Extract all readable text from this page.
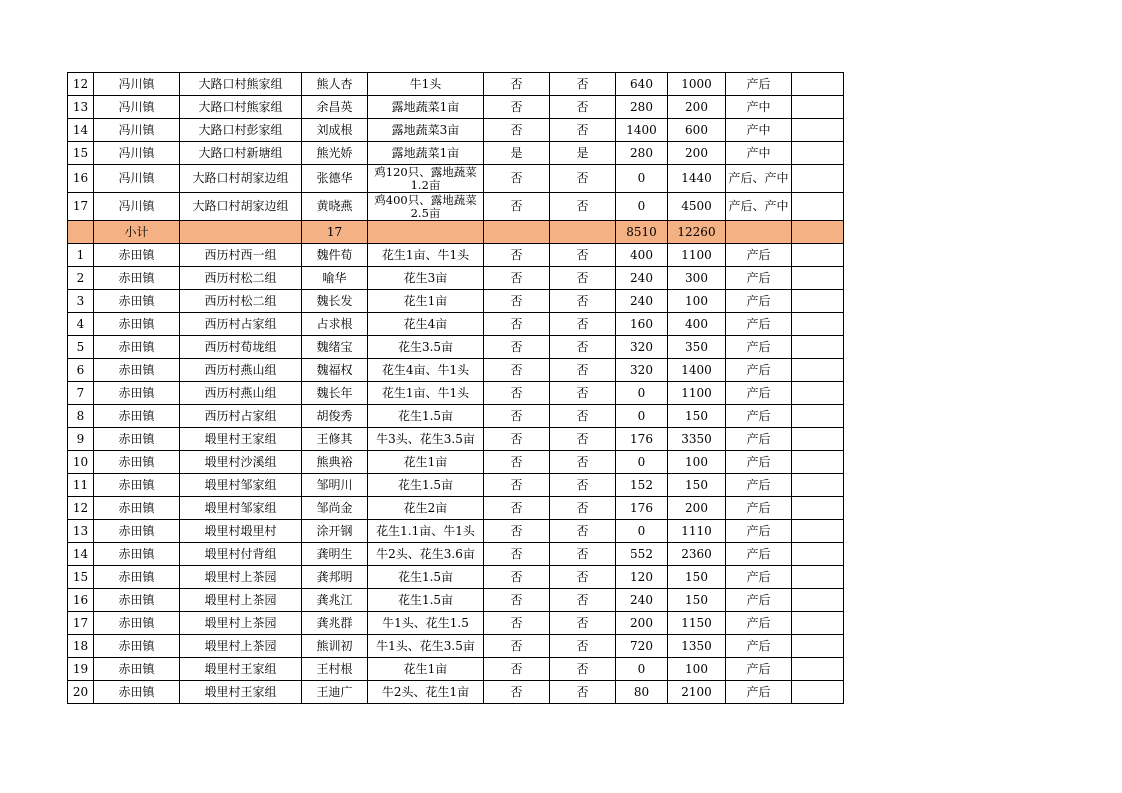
12	冯川镇	大路口村熊家组	熊人杏	牛1头	否	否	640	1000	产后	
13	冯川镇	大路口村熊家组	余昌英	露地蔬菜1亩	否	否	280	200	产中	
14	冯川镇	大路口村彭家组	刘成根	露地蔬菜3亩	否	否	1400	600	产中	
15	冯川镇	大路口村新塘组	熊光娇	露地蔬菜1亩	是	是	280	200	产中	
16	冯川镇	大路口村胡家边组	张德华	鸡120只、露地蔬菜1.2亩	否	否	0	1440	产后、产中	
17	冯川镇	大路口村胡家边组	黄晓燕	鸡400只、露地蔬菜2.5亩	否	否	0	4500	产后、产中	
	小计		17				8510	12260		
1	赤田镇	西历村西一组	魏件荀	花生1亩、牛1头	否	否	400	1100	产后	
2	赤田镇	西历村松二组	喻华	花生3亩	否	否	240	300	产后	
3	赤田镇	西历村松二组	魏长发	花生1亩	否	否	240	100	产后	
4	赤田镇	西历村占家组	占求根	花生4亩	否	否	160	400	产后	
5	赤田镇	西历村荀垅组	魏绪宝	花生3.5亩	否	否	320	350	产后	
6	赤田镇	西历村燕山组	魏福权	花生4亩、牛1头	否	否	320	1400	产后	
7	赤田镇	西历村燕山组	魏长年	花生1亩、牛1头	否	否	0	1100	产后	
8	赤田镇	西历村占家组	胡俊秀	花生1.5亩	否	否	0	150	产后	
9	赤田镇	塅里村王家组	王修其	牛3头、花生3.5亩	否	否	176	3350	产后	
10	赤田镇	塅里村沙溪组	熊典裕	花生1亩	否	否	0	100	产后	
11	赤田镇	塅里村邹家组	邹明川	花生1.5亩	否	否	152	150	产后	
12	赤田镇	塅里村邹家组	邹尚金	花生2亩	否	否	176	200	产后	
13	赤田镇	塅里村塅里村	涂开钢	花生1.1亩、牛1头	否	否	0	1110	产后	
14	赤田镇	塅里村付背组	龚明生	牛2头、花生3.6亩	否	否	552	2360	产后	
15	赤田镇	塅里村上茶园	龚邦明	花生1.5亩	否	否	120	150	产后	
16	赤田镇	塅里村上茶园	龚兆江	花生1.5亩	否	否	240	150	产后	
17	赤田镇	塅里村上茶园	龚兆群	牛1头、花生1.5	否	否	200	1150	产后	
18	赤田镇	塅里村上茶园	熊训初	牛1头、花生3.5亩	否	否	720	1350	产后	
19	赤田镇	塅里村王家组	王村根	花生1亩	否	否	0	100	产后	
20	赤田镇	塅里村王家组	王迪广	牛2头、花生1亩	否	否	80	2100	产后	
